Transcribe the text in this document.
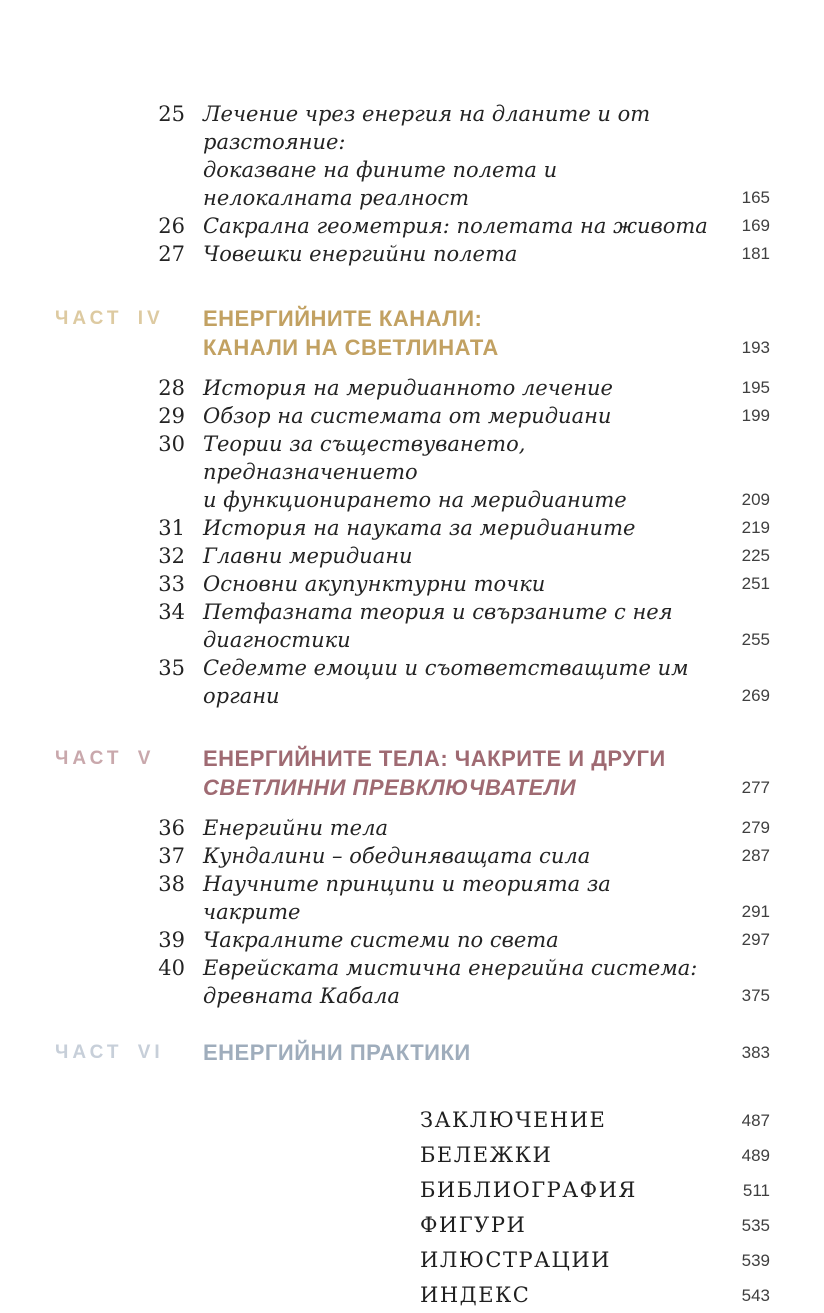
25 Лечение чрез енергия на дланите и от разстояние:
доказване на фините полета и нелокалната реалност	165
26 Сакрална геометрия: полетата на живота	169
27 Човешки енергийни полета	181
ЧАСТ IV	ЕНЕРГИЙНИТЕ КАНАЛИ:
КАНАЛИ НА СВЕТЛИНАТА	193
28 История на меридианното лечение	195
29 Обзор на системата от меридиани	199
30 Теории за съществуването, предназначението
и функционирането на меридианите	209
31 История на науката за меридианите	219
32 Главни меридиани	225
33 Основни акупунктурни точки	251
34 Петфазната теория и свързаните с нея диагностики	255
35 Седемте емоции и съответстващите им органи	269
ЧАСТ V	ЕНЕРГИЙНИТЕ ТЕЛА: ЧАКРИТЕ И ДРУГИ
СВЕТЛИННИ ПРЕВКЛЮЧВАТЕЛИ	277
36 Енергийни тела	279
37 Кундалини – обединяващата сила	287
38 Научните принципи и теорията за чакрите	291
39 Чакралните системи по света	297
40 Еврейската мистична енергийна система:
древната Кабала	375
ЧАСТ VI	ЕНЕРГИЙНИ ПРАКТИКИ	383
ЗАКЛЮЧЕНИЕ	487
БЕЛЕЖКИ	489
БИБЛИОГРАФИЯ	511
ФИГУРИ	535
ИЛЮСТРАЦИИ	539
ИНДЕКС	543
